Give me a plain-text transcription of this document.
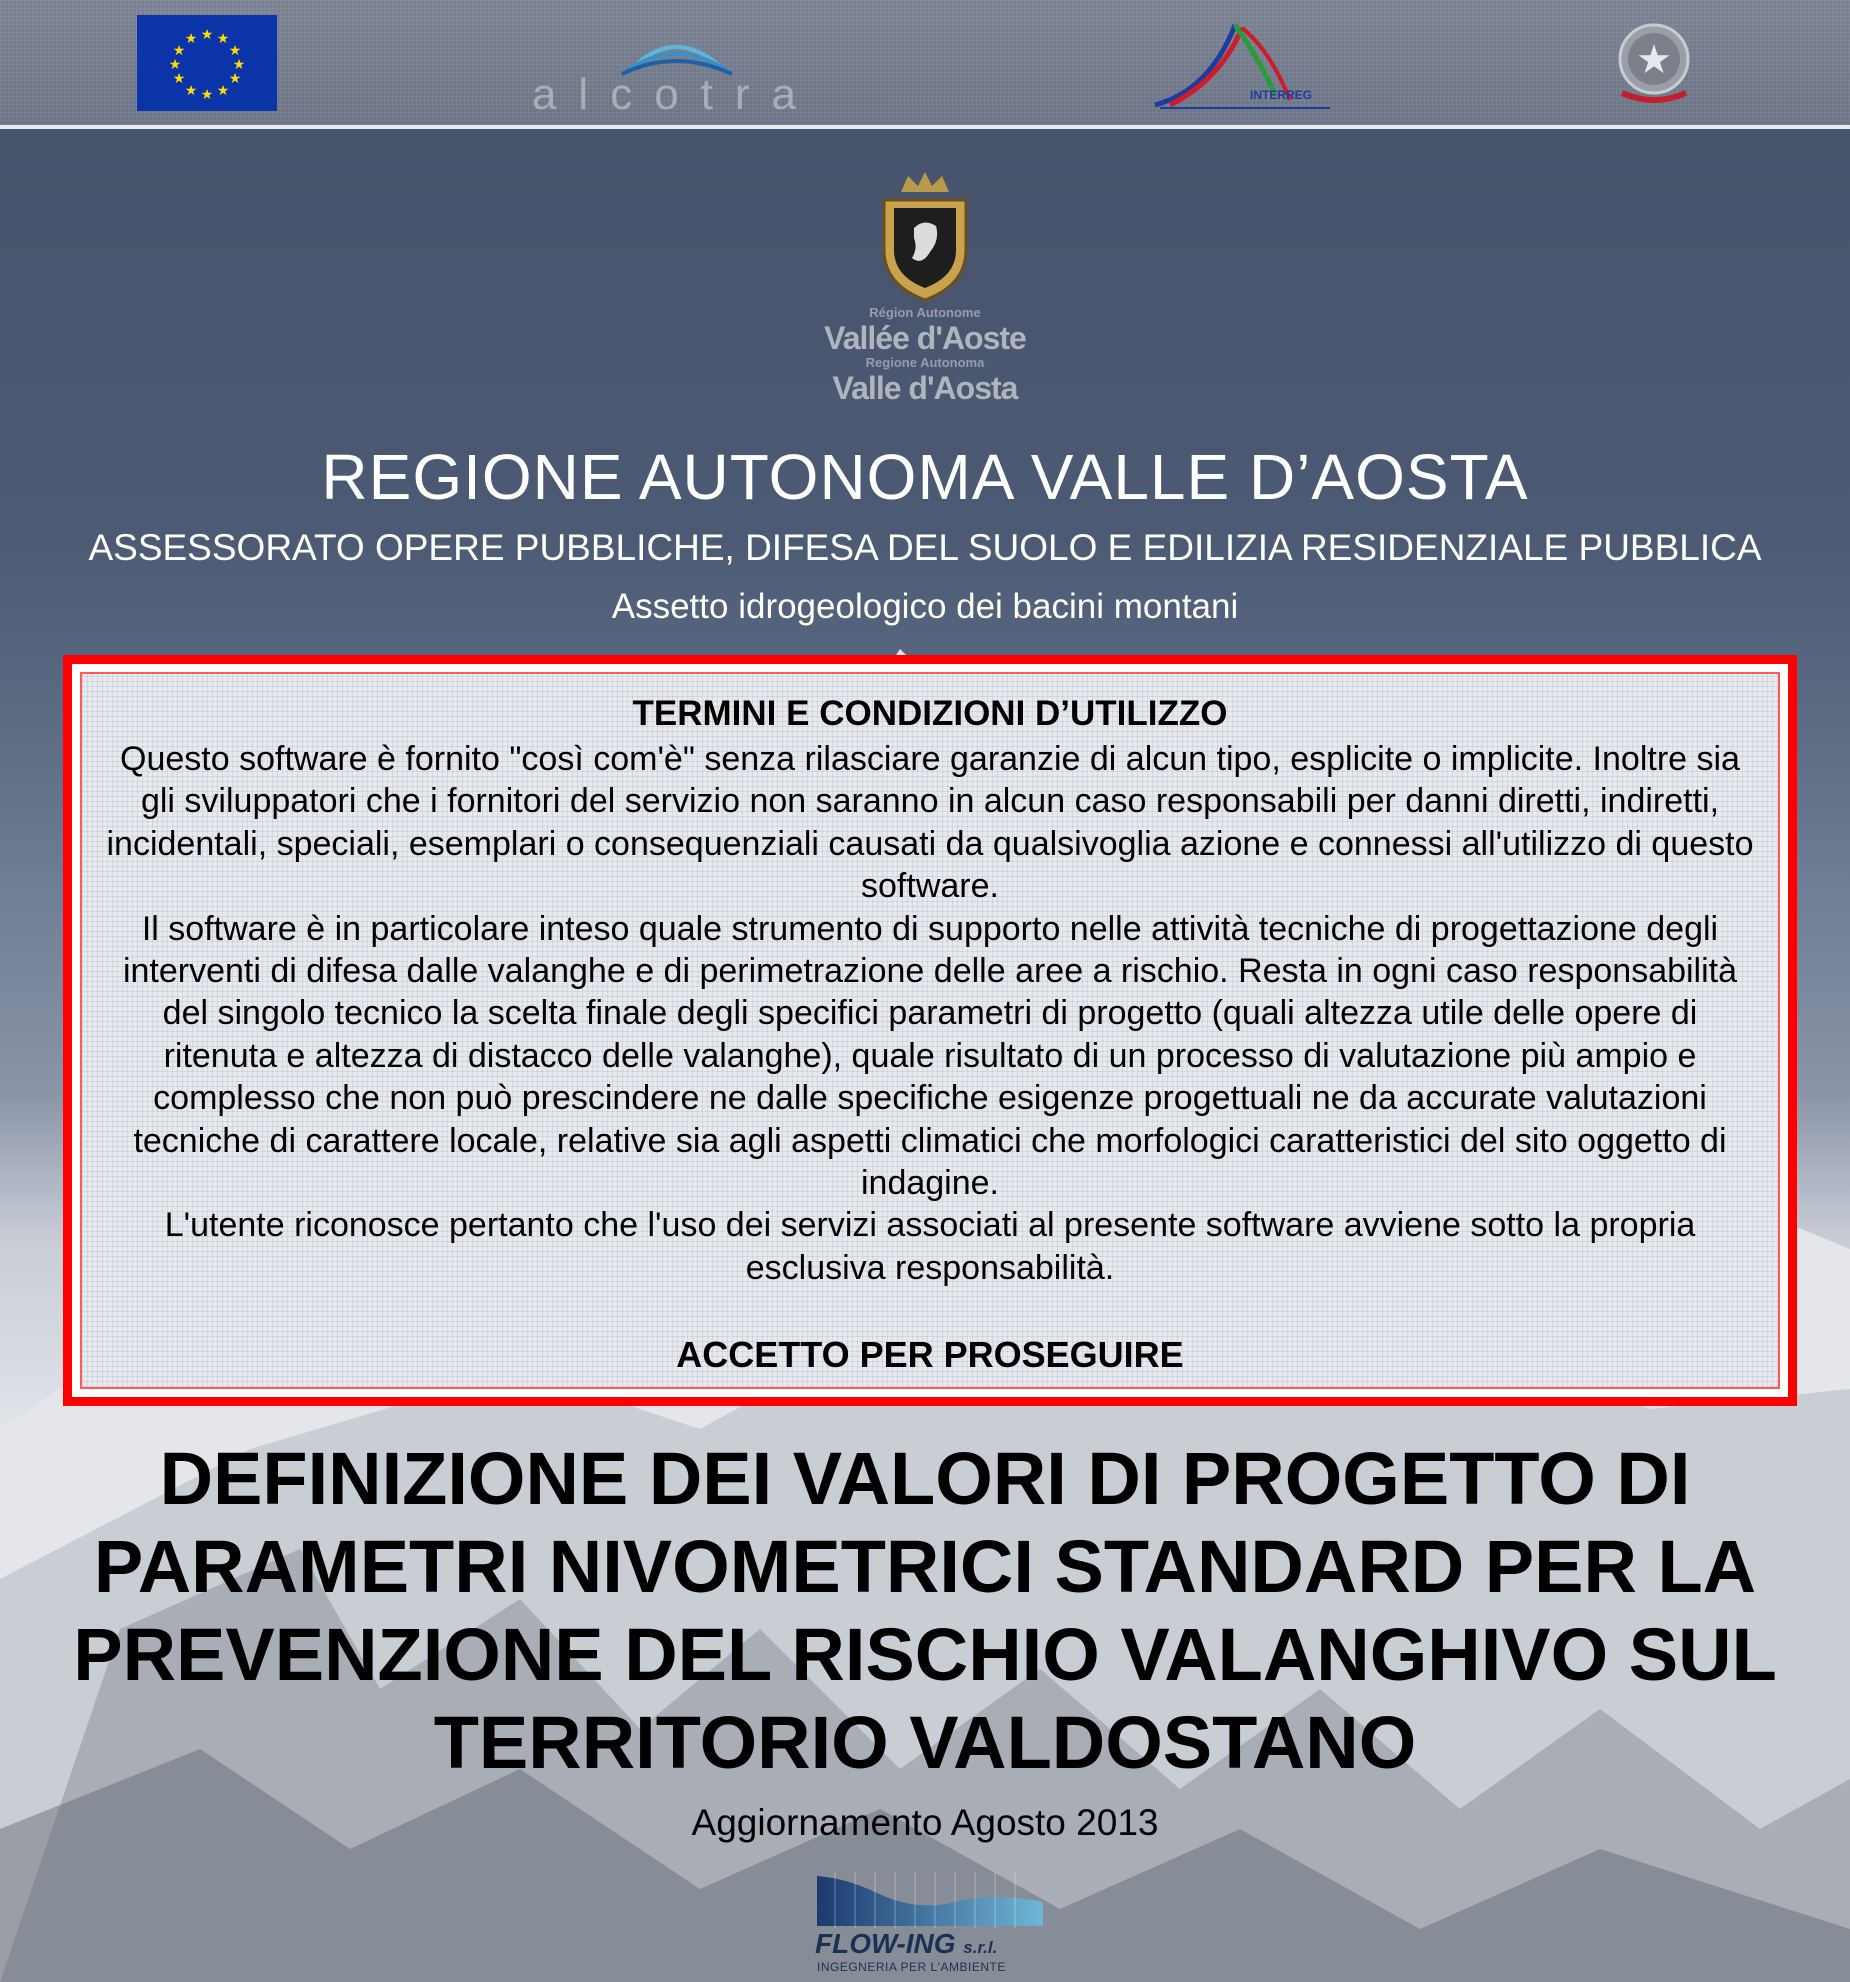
★ ★
★
★
★
★
★
★
★
★
★
★
alcotra	INTERREG
★
Région Autonome
Vallée d'Aoste
Regione Autonoma
Valle d'Aosta
REGIONE AUTONOMA VALLE D’AOSTA
ASSESSORATO OPERE PUBBLICHE, DIFESA DEL SUOLO E EDILIZIA RESIDENZIALE PUBBLICA
Assetto idrogeologico dei bacini montani
TERMINI E CONDIZIONI D’UTILIZZO
Questo software è fornito "così com'è" senza rilasciare garanzie di alcun tipo, esplicite o implicite. Inoltre sia gli sviluppatori che i fornitori del servizio non saranno in alcun caso responsabili per danni diretti, indiretti, incidentali, speciali, esemplari o consequenziali causati da qualsivoglia azione e connessi all'utilizzo di questo software.
Il software è in particolare inteso quale strumento di supporto nelle attività tecniche di progettazione degli interventi di difesa dalle valanghe e di perimetrazione delle aree a rischio. Resta in ogni caso responsabilità del singolo tecnico la scelta finale degli specifici parametri di progetto (quali altezza utile delle opere di ritenuta e altezza di distacco delle valanghe), quale risultato di un processo di valutazione più ampio e complesso che non può prescindere ne dalle specifiche esigenze progettuali ne da accurate valutazioni tecniche di carattere locale, relative sia agli aspetti climatici che morfologici caratteristici del sito oggetto di indagine.
L'utente riconosce pertanto che l'uso dei servizi associati al presente software avviene sotto la propria esclusiva responsabilità.
ACCETTO PER PROSEGUIRE
DEFINIZIONE DEI VALORI DI PROGETTO DI PARAMETRI NIVOMETRICI STANDARD PER LA PREVENZIONE DEL RISCHIO VALANGHIVO SUL TERRITORIO VALDOSTANO
Aggiornamento Agosto 2013
FLOW-ING s.r.l.
INGEGNERIA PER L'AMBIENTE
